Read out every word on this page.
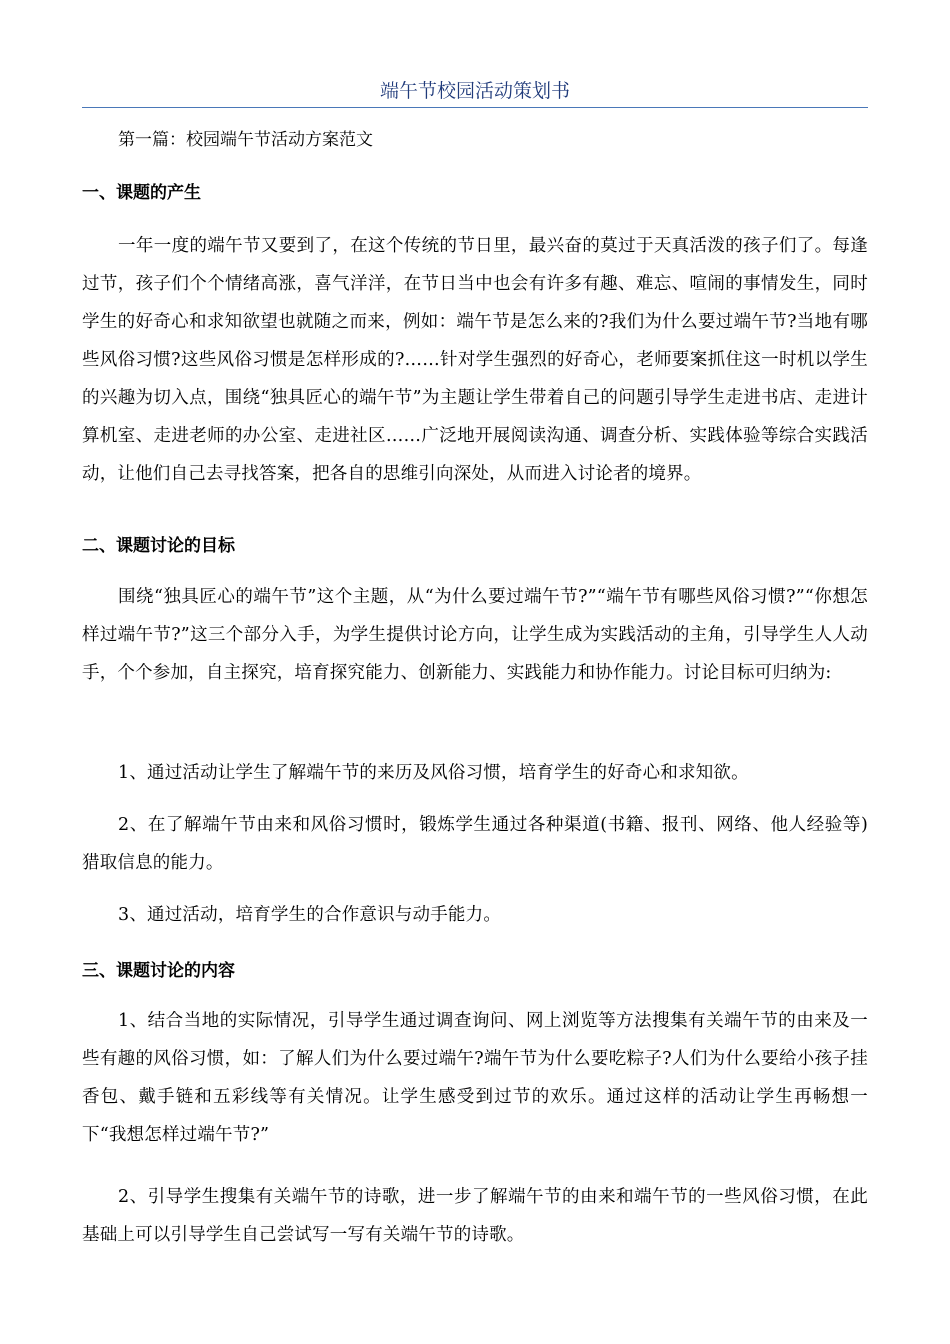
端午节校园活动策划书
第一篇：校园端午节活动方案范文
一、课题的产生
一年一度的端午节又要到了，在这个传统的节日里，最兴奋的莫过于天真活泼的孩子们了。每逢过节，孩子们个个情绪高涨，喜气洋洋，在节日当中也会有许多有趣、难忘、喧闹的事情发生，同时学生的好奇心和求知欲望也就随之而来，例如：端午节是怎么来的?我们为什么要过端午节?当地有哪些风俗习惯?这些风俗习惯是怎样形成的?……针对学生强烈的好奇心，老师要案抓住这一时机以学生的兴趣为切入点，围绕“独具匠心的端午节”为主题让学生带着自己的问题引导学生走进书店、走进计算机室、走进老师的办公室、走进社区……广泛地开展阅读沟通、调查分析、实践体验等综合实践活动，让他们自己去寻找答案，把各自的思维引向深处，从而进入讨论者的境界。
二、课题讨论的目标
围绕“独具匠心的端午节”这个主题，从“为什么要过端午节?”“端午节有哪些风俗习惯?”“你想怎样过端午节?”这三个部分入手，为学生提供讨论方向，让学生成为实践活动的主角，引导学生人人动手，个个参加，自主探究，培育探究能力、创新能力、实践能力和协作能力。讨论目标可归纳为:
1、通过活动让学生了解端午节的来历及风俗习惯，培育学生的好奇心和求知欲。
2、在了解端午节由来和风俗习惯时，锻炼学生通过各种渠道(书籍、报刊、网络、他人经验等)猎取信息的能力。
3、通过活动，培育学生的合作意识与动手能力。
三、课题讨论的内容
1、结合当地的实际情况，引导学生通过调查询问、网上浏览等方法搜集有关端午节的由来及一些有趣的风俗习惯，如：了解人们为什么要过端午?端午节为什么要吃粽子?人们为什么要给小孩子挂香包、戴手链和五彩线等有关情况。让学生感受到过节的欢乐。通过这样的活动让学生再畅想一下“我想怎样过端午节?”
2、引导学生搜集有关端午节的诗歌，进一步了解端午节的由来和端午节的一些风俗习惯，在此基础上可以引导学生自己尝试写一写有关端午节的诗歌。
